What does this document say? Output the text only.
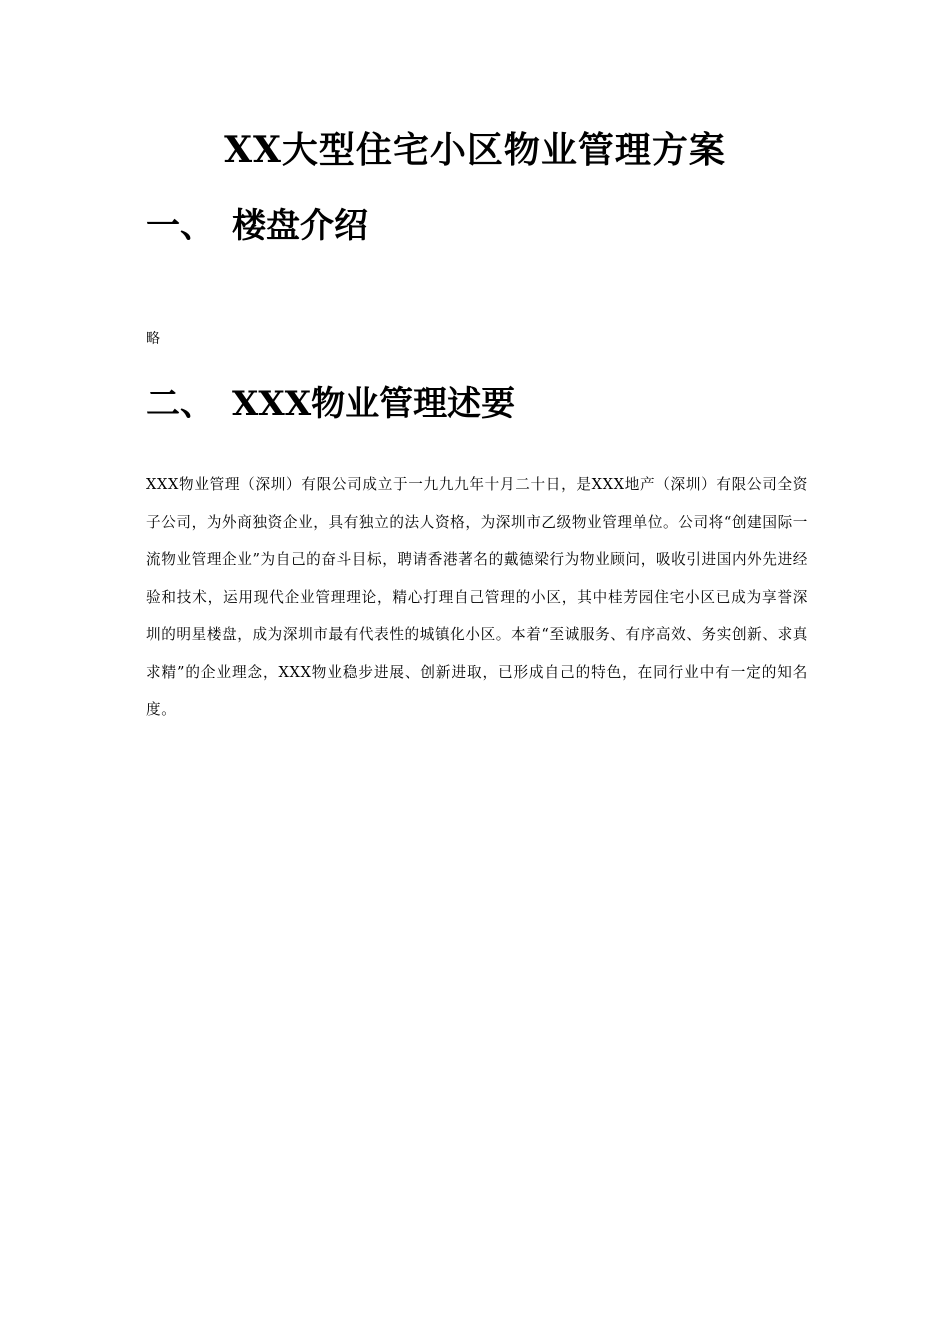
XX大型住宅小区物业管理方案
一、 楼盘介绍
略
二、 XXX物业管理述要
XXX物业管理（深圳）有限公司成立于一九九九年十月二十日，是XXX地产（深圳）有限公司全资子公司，为外商独资企业，具有独立的法人资格，为深圳市乙级物业管理单位。公司将“创建国际一流物业管理企业”为自己的奋斗目标，聘请香港著名的戴德梁行为物业顾问，吸收引进国内外先进经验和技术，运用现代企业管理理论，精心打理自己管理的小区，其中桂芳园住宅小区已成为享誉深圳的明星楼盘，成为深圳市最有代表性的城镇化小区。本着“至诚服务、有序高效、务实创新、求真求精”的企业理念，XXX物业稳步进展、创新进取，已形成自己的特色，在同行业中有一定的知名度。
